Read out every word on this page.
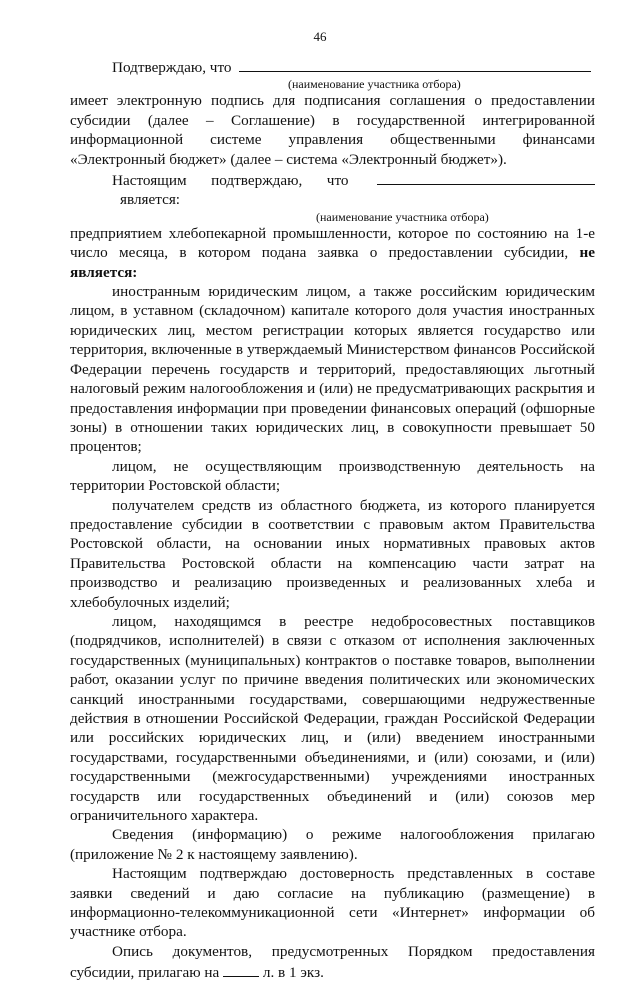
46

Подтверждаю, что

(наименование участника отбора)

имеет электронную подпись для подписания соглашения о предоставлении субсидии (далее – Соглашение) в государственной интегрированной информационной системе управления общественными финансами «Электронный бюджет» (далее – система «Электронный бюджет»).

Настоящим подтверждаю, что  является:

(наименование участника отбора)

предприятием хлебопекарной промышленности, которое по состоянию на 1-е число месяца, в котором подана заявка о предоставлении субсидии, не является:

иностранным юридическим лицом, а также российским юридическим лицом, в уставном (складочном) капитале которого доля участия иностранных юридических лиц, местом регистрации которых является государство или территория, включенные в утверждаемый Министерством финансов Российской Федерации перечень государств и территорий, предоставляющих льготный налоговый режим налогообложения и (или) не предусматривающих раскрытия и предоставления информации при проведении финансовых операций (офшорные зоны) в отношении таких юридических лиц, в совокупности превышает 50 процентов;

лицом, не осуществляющим производственную деятельность на территории Ростовской области;

получателем средств из областного бюджета, из которого планируется предоставление субсидии в соответствии с правовым актом Правительства Ростовской области, на основании иных нормативных правовых актов Правительства Ростовской области на компенсацию части затрат на производство и реализацию произведенных и реализованных хлеба и хлебобулочных изделий;

лицом, находящимся в реестре недобросовестных поставщиков (подрядчиков, исполнителей) в связи с отказом от исполнения заключенных государственных (муниципальных) контрактов о поставке товаров, выполнении работ, оказании услуг по причине введения политических или экономических санкций иностранными государствами, совершающими недружественные действия в отношении Российской Федерации, граждан Российской Федерации или российских юридических лиц, и (или) введением иностранными государствами, государственными объединениями, и (или) союзами, и (или) государственными (межгосударственными) учреждениями иностранных государств или государственных объединений и (или) союзов мер ограничительного характера.

Сведения (информацию) о режиме налогообложения прилагаю (приложение № 2 к настоящему заявлению).

Настоящим подтверждаю достоверность представленных в составе заявки сведений и даю согласие на публикацию (размещение) в информационно-телекоммуникационной сети «Интернет» информации об участнике отбора.

Опись документов, предусмотренных Порядком предоставления субсидии, прилагаю на	л. в 1 экз.
